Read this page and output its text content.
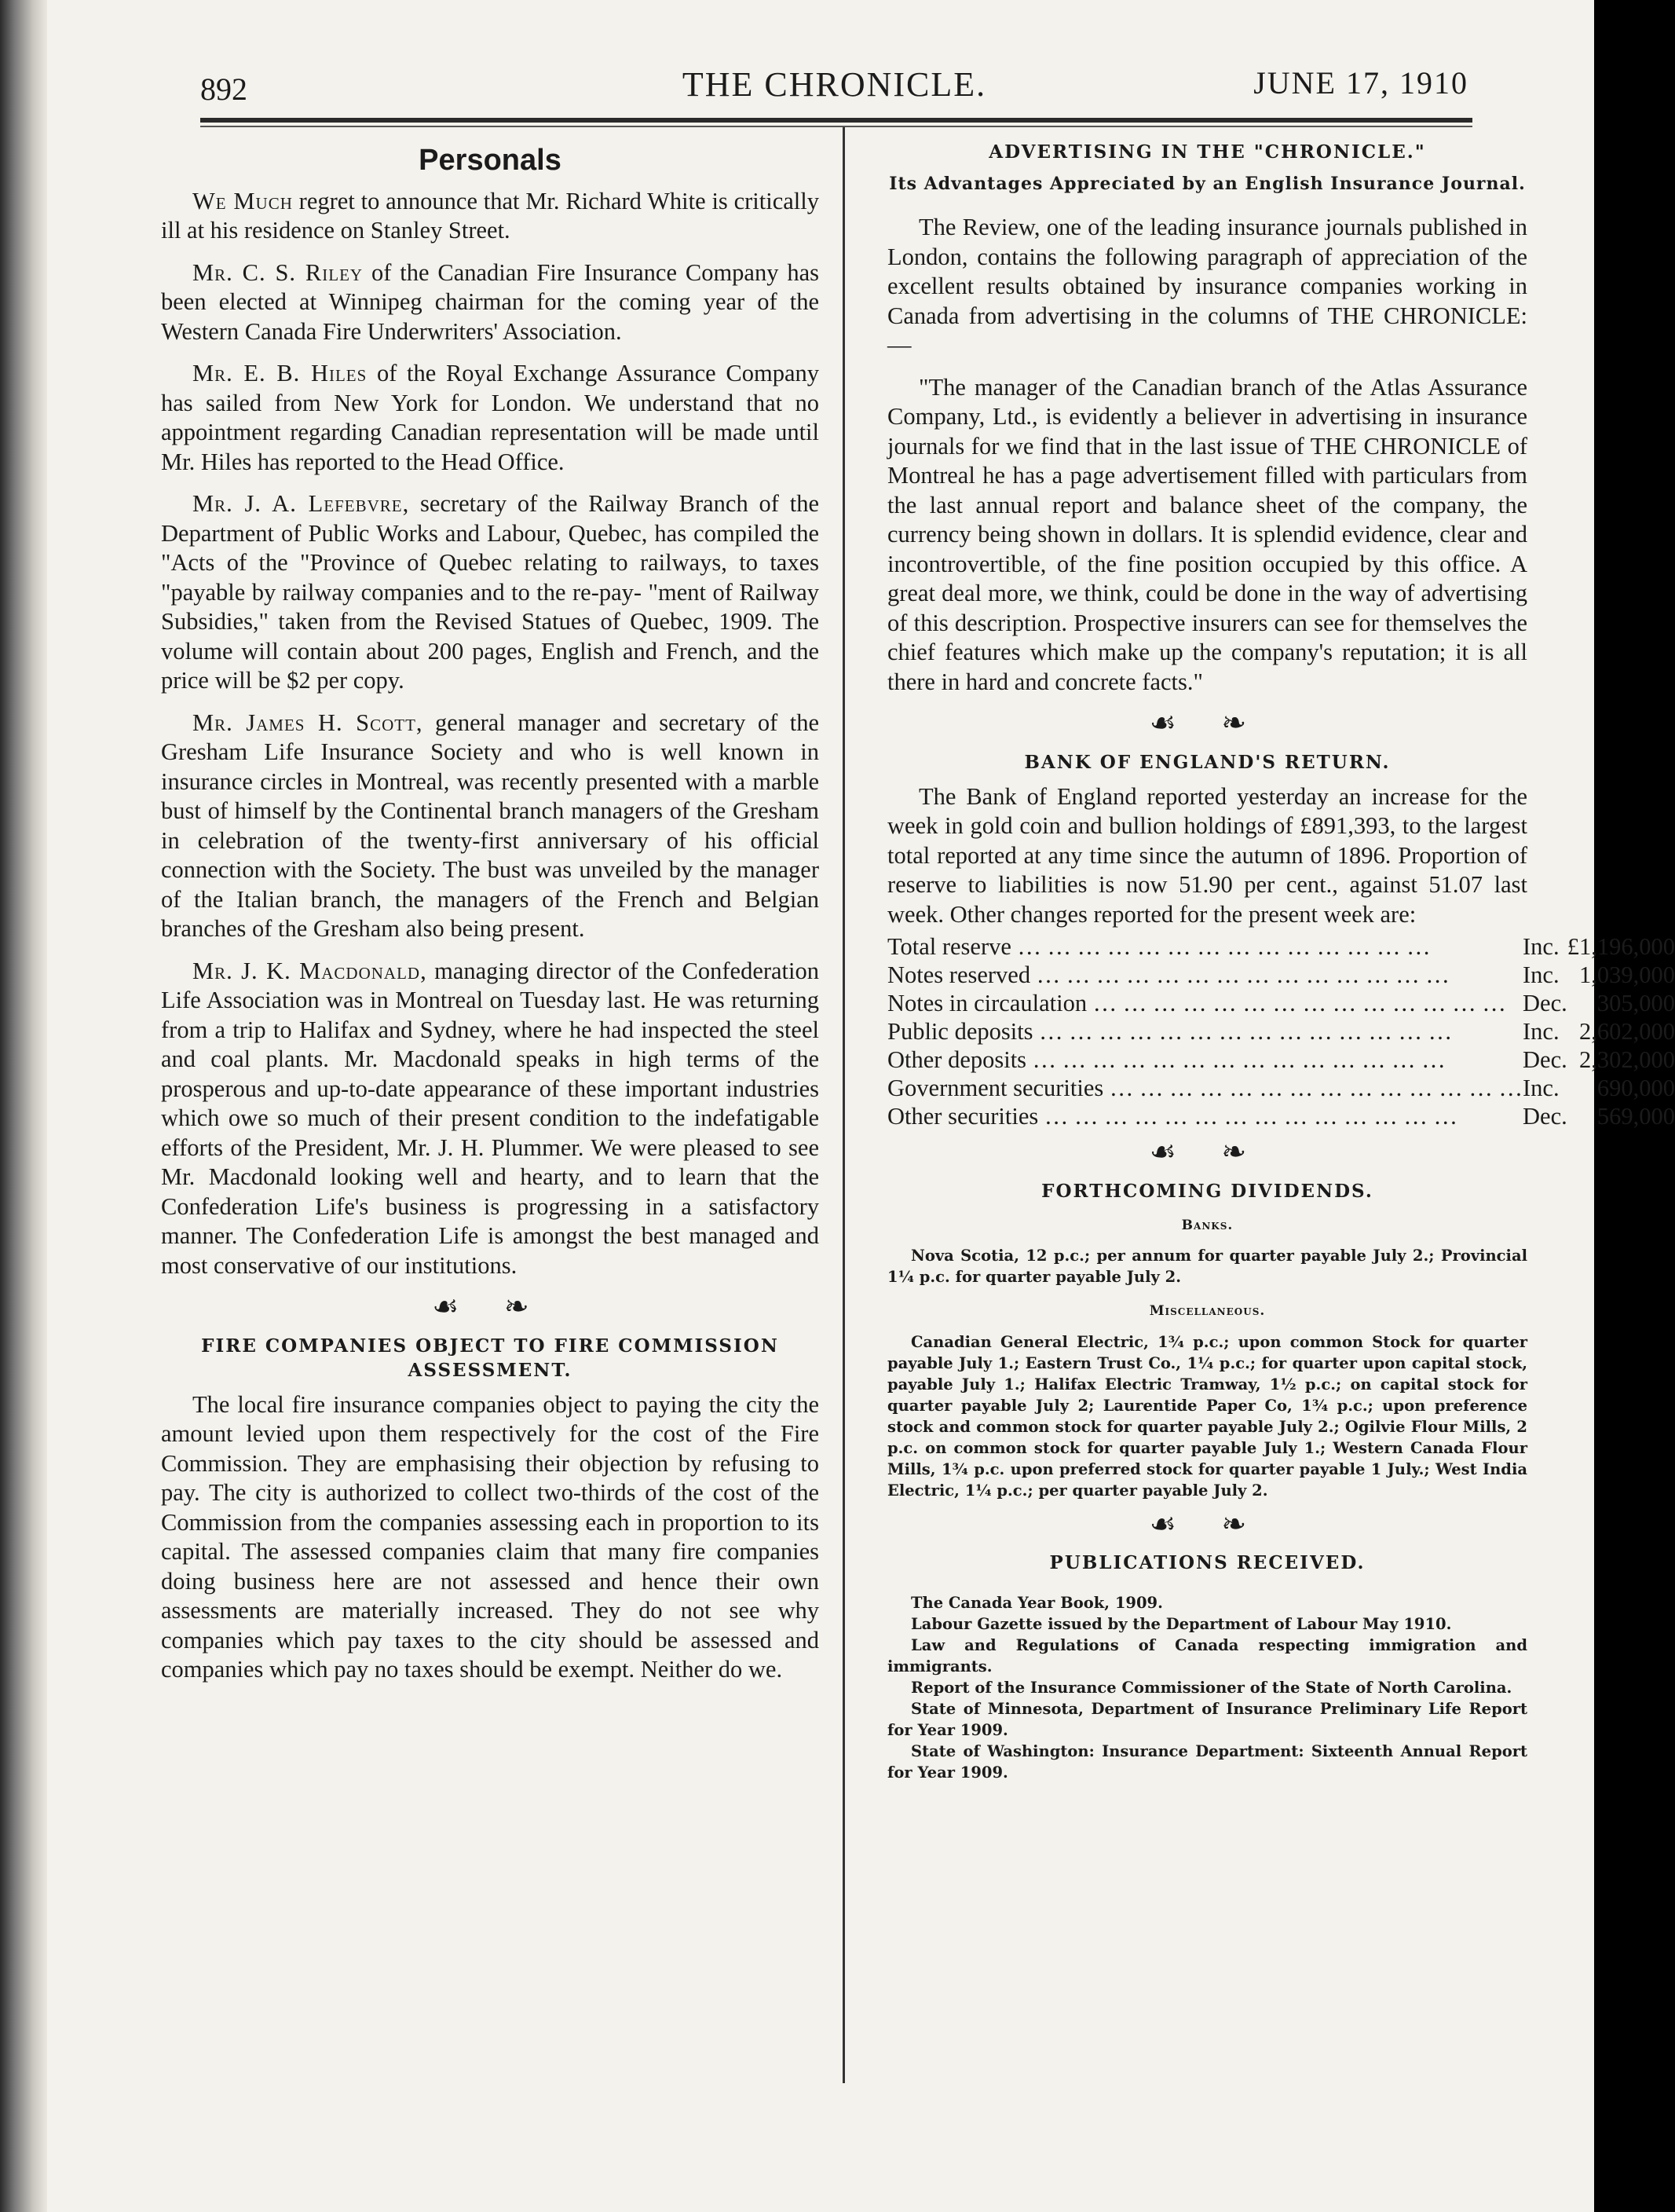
892	THE CHRONICLE.	JUNE 17, 1910
Personals

We Much regret to announce that Mr. Richard White is critically ill at his residence on Stanley Street.

Mr. C. S. Riley of the Canadian Fire Insurance Company has been elected at Winnipeg chairman for the coming year of the Western Canada Fire Underwriters' Association.

Mr. E. B. Hiles of the Royal Exchange Assurance Company has sailed from New York for London. We understand that no appointment regarding Canadian representation will be made until Mr. Hiles has reported to the Head Office.

Mr. J. A. Lefebvre, secretary of the Railway Branch of the Department of Public Works and Labour, Quebec, has compiled the "Acts of the "Province of Quebec relating to railways, to taxes "payable by railway companies and to the re-pay- "ment of Railway Subsidies," taken from the Revised Statues of Quebec, 1909. The volume will contain about 200 pages, English and French, and the price will be $2 per copy.

Mr. James H. Scott, general manager and secretary of the Gresham Life Insurance Society and who is well known in insurance circles in Montreal, was recently presented with a marble bust of himself by the Continental branch managers of the Gresham in celebration of the twenty-first anniversary of his official connection with the Society. The bust was unveiled by the manager of the Italian branch, the managers of the French and Belgian branches of the Gresham also being present.

Mr. J. K. Macdonald, managing director of the Confederation Life Association was in Montreal on Tuesday last. He was returning from a trip to Halifax and Sydney, where he had inspected the steel and coal plants. Mr. Macdonald speaks in high terms of the prosperous and up-to-date appearance of these important industries which owe so much of their present condition to the indefatigable efforts of the President, Mr. J. H. Plummer. We were pleased to see Mr. Macdonald looking well and hearty, and to learn that the Confederation Life's business is progressing in a satisfactory manner. The Confederation Life is amongst the best managed and most conservative of our institutions.

☙ ❧
FIRE COMPANIES OBJECT TO FIRE COMMISSION ASSESSMENT.

The local fire insurance companies object to paying the city the amount levied upon them respectively for the cost of the Fire Commission. They are emphasising their objection by refusing to pay. The city is authorized to collect two-thirds of the cost of the Commission from the companies assessing each in proportion to its capital. The assessed companies claim that many fire companies doing business here are not assessed and hence their own assessments are materially increased. They do not see why companies which pay taxes to the city should be assessed and companies which pay no taxes should be exempt. Neither do we.

ADVERTISING IN THE "CHRONICLE."
Its Advantages Appreciated by an English Insurance Journal.

The Review, one of the leading insurance journals published in London, contains the following paragraph of appreciation of the excellent results obtained by insurance companies working in Canada from advertising in the columns of THE CHRONICLE: —

"The manager of the Canadian branch of the Atlas Assurance Company, Ltd., is evidently a believer in advertising in insurance journals for we find that in the last issue of THE CHRONICLE of Montreal he has a page advertisement filled with particulars from the last annual report and balance sheet of the company, the currency being shown in dollars. It is splendid evidence, clear and incontrovertible, of the fine position occupied by this office. A great deal more, we think, could be done in the way of advertising of this description. Prospective insurers can see for themselves the chief features which make up the company's reputation; it is all there in hard and concrete facts."

☙ ❧
BANK OF ENGLAND'S RETURN.

The Bank of England reported yesterday an increase for the week in gold coin and bullion holdings of £891,393, to the largest total reported at any time since the autumn of 1896. Proportion of reserve to liabilities is now 51.90 per cent., against 51.07 last week. Other changes reported for the present week are:

Total reserve … … … … … … … … … … … … … …	Inc.	£1,196,000
Notes reserved … … … … … … … … … … … … … …	Inc.	1,039,000
Notes in circaulation … … … … … … … … … … … … … …	Dec.	305,000
Public deposits … … … … … … … … … … … … … …	Inc.	2,602,000
Other deposits … … … … … … … … … … … … … …	Dec.	2,302,000
Government securities … … … … … … … … … … … … … …	Inc.	690,000
Other securities … … … … … … … … … … … … … …	Dec.	569,000
☙ ❧
FORTHCOMING DIVIDENDS.
Banks.

Nova Scotia, 12 p.c.; per annum for quarter payable July 2.; Provincial 1¼ p.c. for quarter payable July 2.

Miscellaneous.

Canadian General Electric, 1¾ p.c.; upon common Stock for quarter payable July 1.; Eastern Trust Co., 1¼ p.c.; for quarter upon capital stock, payable July 1.; Halifax Electric Tramway, 1½ p.c.; on capital stock for quarter payable July 2; Laurentide Paper Co, 1¾ p.c.; upon preference stock and common stock for quarter payable July 2.; Ogilvie Flour Mills, 2 p.c. on common stock for quarter payable July 1.; Western Canada Flour Mills, 1¾ p.c. upon preferred stock for quarter payable 1 July.; West India Electric, 1¼ p.c.; per quarter payable July 2.

☙ ❧
PUBLICATIONS RECEIVED.

The Canada Year Book, 1909.

Labour Gazette issued by the Department of Labour May 1910.

Law and Regulations of Canada respecting immigration and immigrants.

Report of the Insurance Commissioner of the State of North Carolina.

State of Minnesota, Department of Insurance Preliminary Life Report for Year 1909.

State of Washington: Insurance Department: Sixteenth Annual Report for Year 1909.
